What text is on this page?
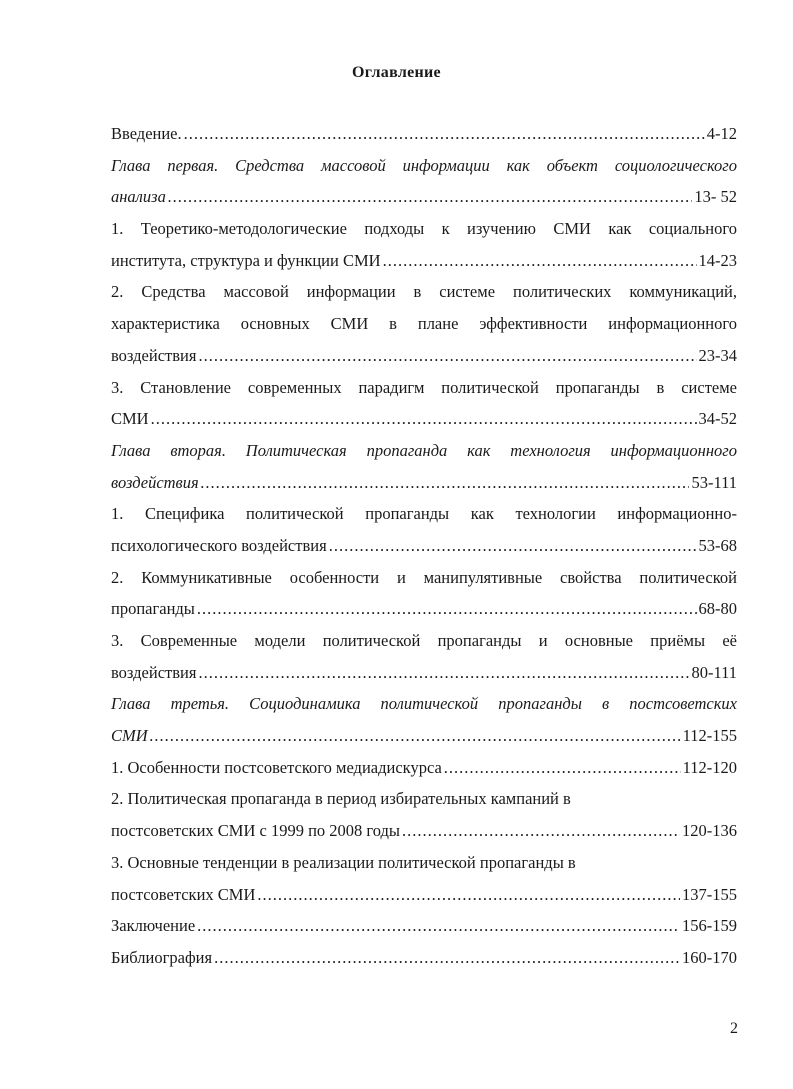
Оглавление
Введение. .....	4-12
Глава первая. Средства массовой информации как объект социологического
анализа .....	13- 52
1. Теоретико-методологические подходы к изучению СМИ как социального
института, структура и функции СМИ .....	14-23
2. Средства массовой информации в системе политических коммуникаций,
характеристика основных СМИ в плане эффективности информационного
воздействия .....	23-34
3. Становление современных парадигм политической пропаганды в системе
СМИ .....	34-52
Глава вторая. Политическая пропаганда как технология информационного
воздействия .....	53-111
1. Специфика политической пропаганды как технологии информационно-
психологического воздействия .....	53-68
2. Коммуникативные особенности и манипулятивные свойства политической
пропаганды .....	68-80
3. Современные модели политической пропаганды и основные приёмы её
воздействия .....	80-111
Глава третья. Социодинамика политической пропаганды в постсоветских
СМИ .....	112-155
1. Особенности постсоветского медиадискурса .....	112-120
2. Политическая пропаганда в период избирательных кампаний в
постсоветских СМИ с 1999 по 2008 годы .....	120-136
3. Основные тенденции в реализации политической пропаганды в
постсоветских СМИ .....	137-155
Заключение .....	156-159
Библиография .....	160-170
2
